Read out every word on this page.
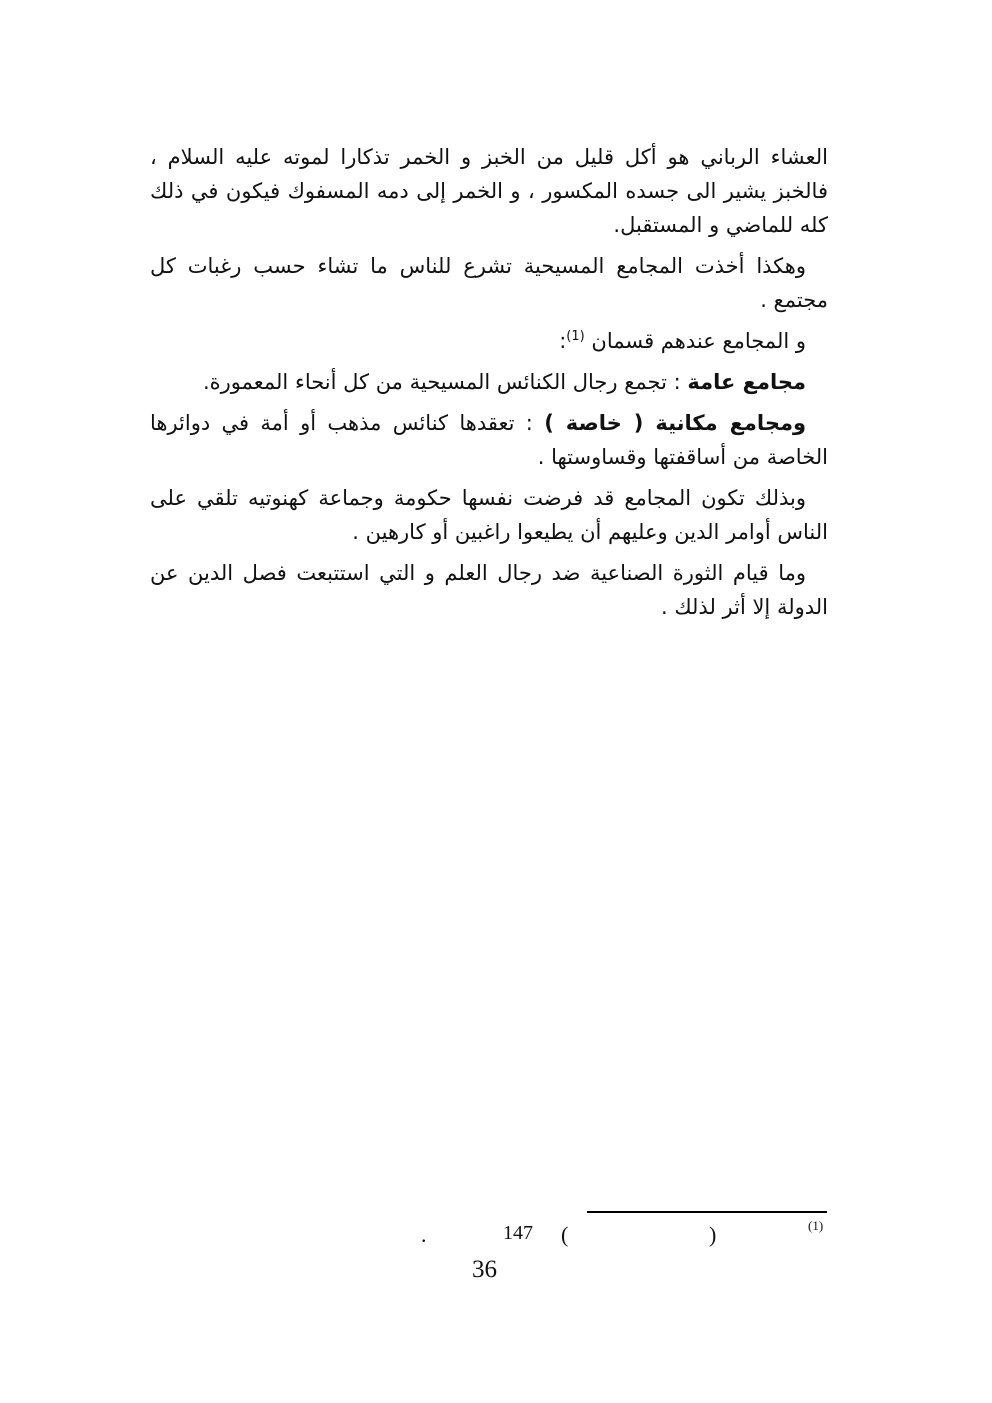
العشاء الرباني هو أكل قليل من الخبز و الخمر تذكارا لموته عليه السلام ، فالخبز يشير الى جسده المكسور ، و الخمر إلى دمه المسفوك فيكون في ذلك كله للماضي و المستقبل.

وهكذا أخذت المجامع المسيحية تشرع للناس ما تشاء حسب رغبات كل مجتمع .

و المجامع عندهم قسمان $^{(1)}$:

مجامع عامة : تجمع رجال الكنائس المسيحية من كل أنحاء المعمورة.

ومجامع مكانية ( خاصة ) : تعقدها كنائس مذهب أو أمة في دوائرها الخاصة من أساقفتها وقساوستها .

وبذلك تكون المجامع قد فرضت نفسها حكومة وجماعة كهنوتيه تلقي على الناس أوامر الدين وعليهم أن يطيعوا راغبين أو كارهين .

وما قيام الثورة الصناعية ضد رجال العلم و التي استتبعت فصل الدين عن الدولة إلا أثر لذلك .

(1)
)
(
147
.
36
